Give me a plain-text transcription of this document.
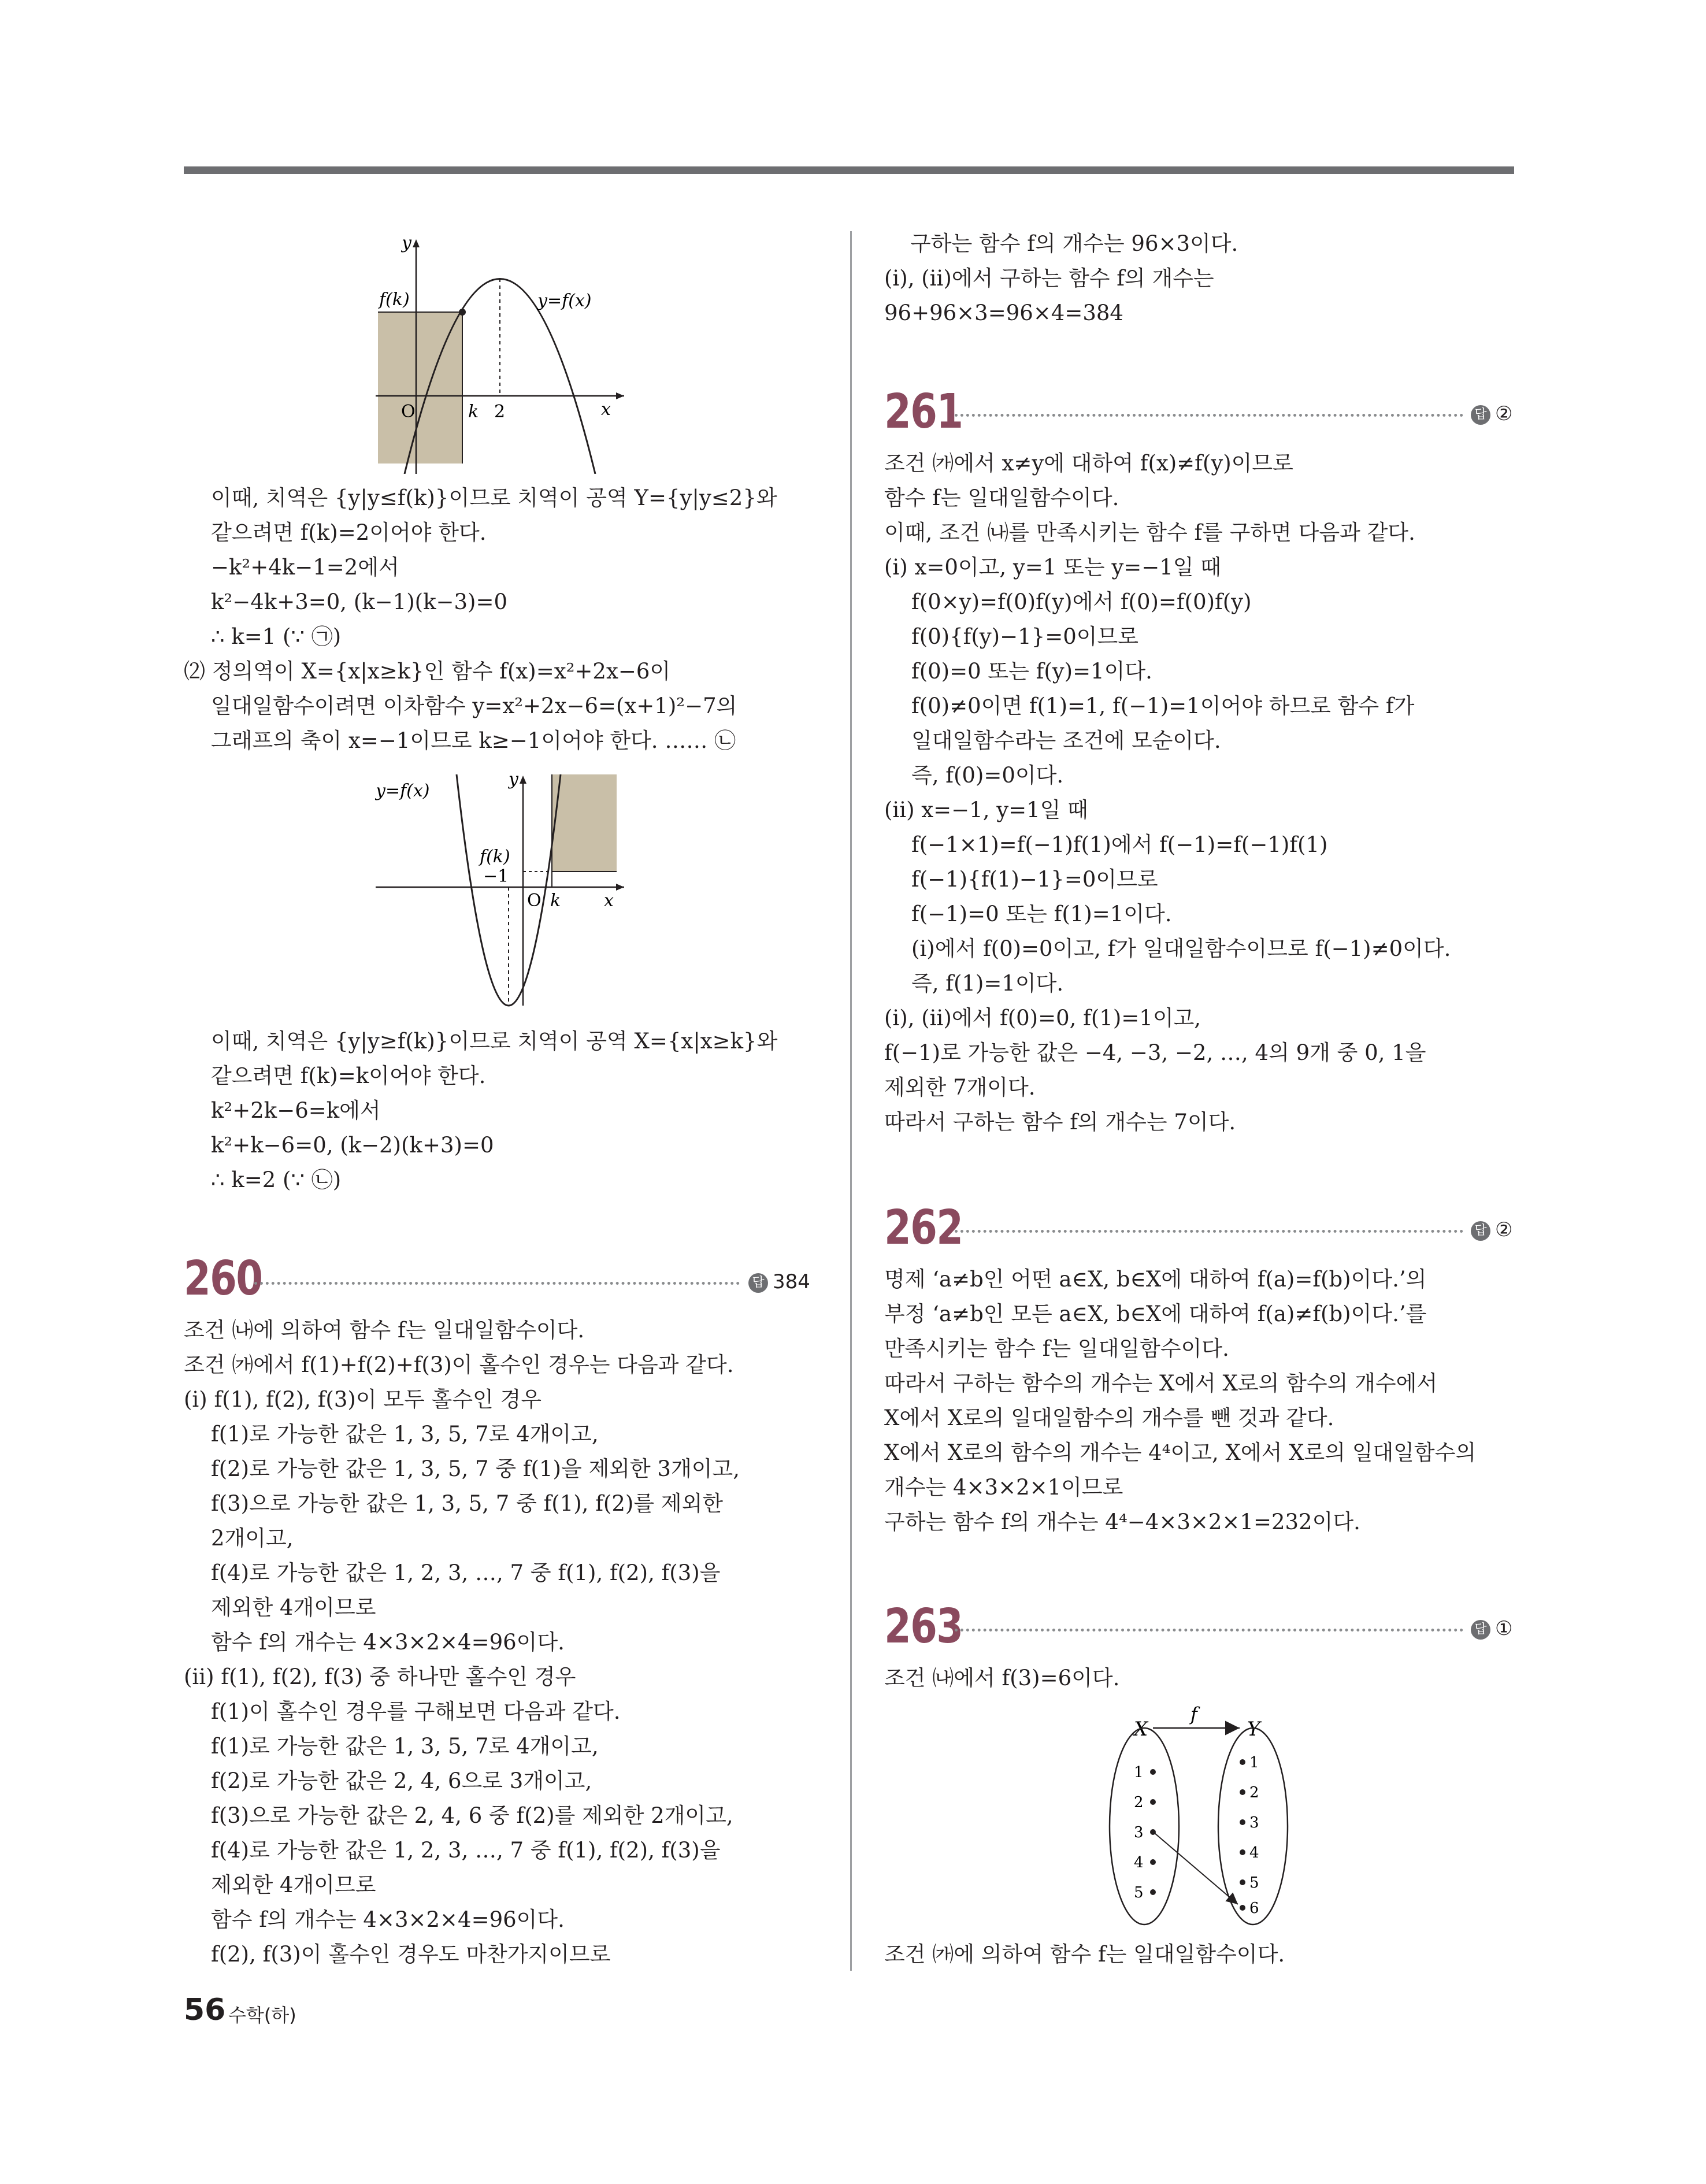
y
f(k)	y=f(x)
O	k 2	x
이때, 치역은 {y|y≤f(k)}이므로 치역이 공역 Y={y|y≤2}와
같으려면 f(k)=2이어야 한다.
−k²+4k−1=2에서
k²−4k+3=0, (k−1)(k−3)=0
∴ k=1 (∵ ㉠)
⑵ 정의역이 X={x|x≥k}인 함수 f(x)=x²+2x−6이
일대일함수이려면 이차함수 y=x²+2x−6=(x+1)²−7의
그래프의 축이 x=−1이므로 k≥−1이어야 한다. …… ㉡
y=f(x)
y
f(k)
−1
O k x
이때, 치역은 {y|y≥f(k)}이므로 치역이 공역 X={x|x≥k}와
같으려면 f(k)=k이어야 한다.
k²+2k−6=k에서
k²+k−6=0, (k−2)(k+3)=0
∴ k=2 (∵ ㉡)
260	답 384
조건 ㈏에 의하여 함수 f는 일대일함수이다.
조건 ㈎에서 f(1)+f(2)+f(3)이 홀수인 경우는 다음과 같다.
(ⅰ) f(1), f(2), f(3)이 모두 홀수인 경우
f(1)로 가능한 값은 1, 3, 5, 7로 4개이고,
f(2)로 가능한 값은 1, 3, 5, 7 중 f(1)을 제외한 3개이고,
f(3)으로 가능한 값은 1, 3, 5, 7 중 f(1), f(2)를 제외한
2개이고,
f(4)로 가능한 값은 1, 2, 3, …, 7 중 f(1), f(2), f(3)을
제외한 4개이므로
함수 f의 개수는 4×3×2×4=96이다.
(ⅱ) f(1), f(2), f(3) 중 하나만 홀수인 경우
f(1)이 홀수인 경우를 구해보면 다음과 같다.
f(1)로 가능한 값은 1, 3, 5, 7로 4개이고,
f(2)로 가능한 값은 2, 4, 6으로 3개이고,
f(3)으로 가능한 값은 2, 4, 6 중 f(2)를 제외한 2개이고,
f(4)로 가능한 값은 1, 2, 3, …, 7 중 f(1), f(2), f(3)을
제외한 4개이므로
함수 f의 개수는 4×3×2×4=96이다.
f(2), f(3)이 홀수인 경우도 마찬가지이므로
구하는 함수 f의 개수는 96×3이다.
(ⅰ), (ⅱ)에서 구하는 함수 f의 개수는
96+96×3=96×4=384
261	답 ②
조건 ㈎에서 x≠y에 대하여 f(x)≠f(y)이므로
함수 f는 일대일함수이다.
이때, 조건 ㈏를 만족시키는 함수 f를 구하면 다음과 같다.
(ⅰ) x=0이고, y=1 또는 y=−1일 때
f(0×y)=f(0)f(y)에서 f(0)=f(0)f(y)
f(0){f(y)−1}=0이므로
f(0)=0 또는 f(y)=1이다.
f(0)≠0이면 f(1)=1, f(−1)=1이어야 하므로 함수 f가
일대일함수라는 조건에 모순이다.
즉, f(0)=0이다.
(ⅱ) x=−1, y=1일 때
f(−1×1)=f(−1)f(1)에서 f(−1)=f(−1)f(1)
f(−1){f(1)−1}=0이므로
f(−1)=0 또는 f(1)=1이다.
(ⅰ)에서 f(0)=0이고, f가 일대일함수이므로 f(−1)≠0이다.
즉, f(1)=1이다.
(ⅰ), (ⅱ)에서 f(0)=0, f(1)=1이고,
f(−1)로 가능한 값은 −4, −3, −2, …, 4의 9개 중 0, 1을
제외한 7개이다.
따라서 구하는 함수 f의 개수는 7이다.
262	답 ②
명제 ‘a≠b인 어떤 a∈X, b∈X에 대하여 f(a)=f(b)이다.’의
부정 ‘a≠b인 모든 a∈X, b∈X에 대하여 f(a)≠f(b)이다.’를
만족시키는 함수 f는 일대일함수이다.
따라서 구하는 함수의 개수는 X에서 X로의 함수의 개수에서
X에서 X로의 일대일함수의 개수를 뺀 것과 같다.
X에서 X로의 함수의 개수는 4⁴이고, X에서 X로의 일대일함수의
개수는 4×3×2×1이므로
구하는 함수 f의 개수는 4⁴−4×3×2×1=232이다.
263	답 ①
조건 ㈏에서 f(3)=6이다.
f
X	Y
1
2
3
4
5
1
2
3
4
5
6
조건 ㈎에 의하여 함수 f는 일대일함수이다.
56 수학(하)
